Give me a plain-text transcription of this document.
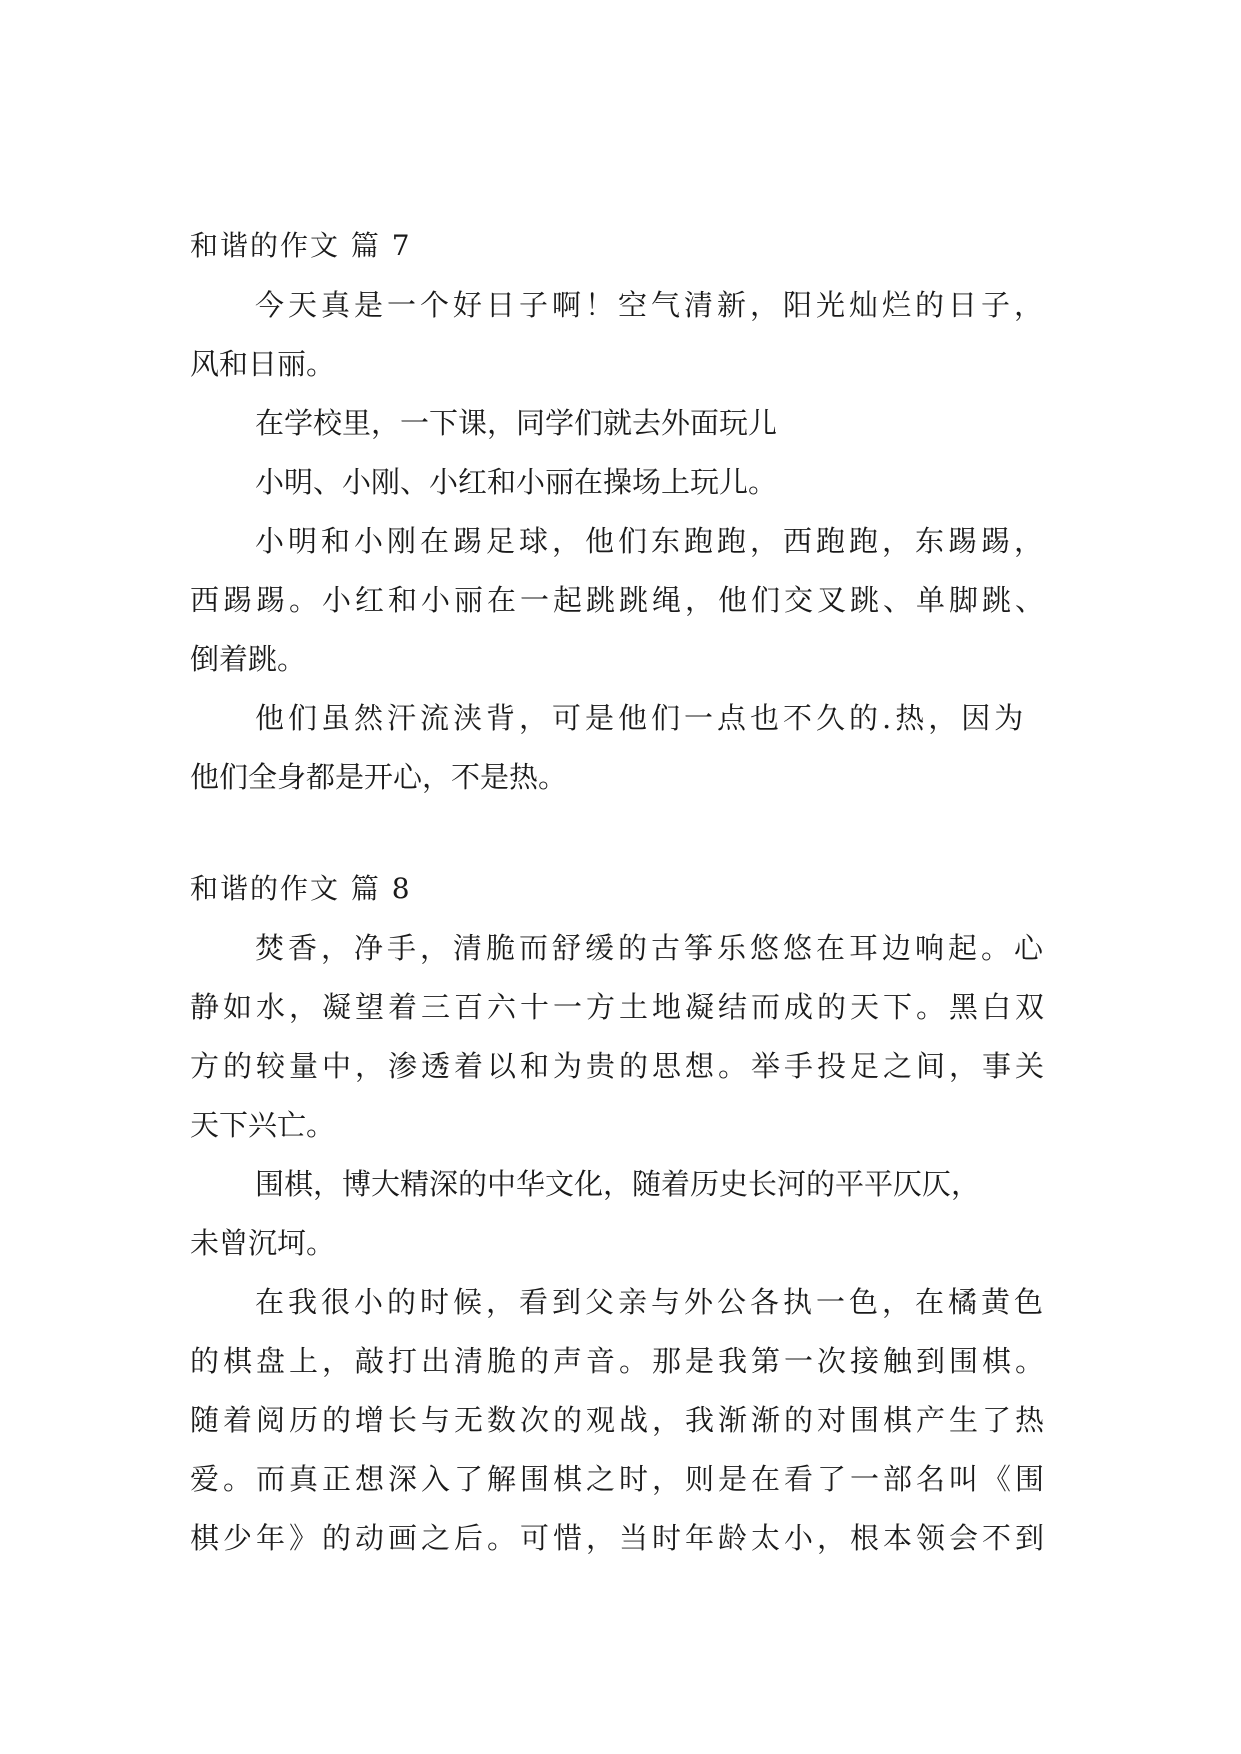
和谐的作文 篇 7
今天真是一个好日子啊！空气清新，阳光灿烂的日子，
风和日丽。
在学校里，一下课，同学们就去外面玩儿
小明、小刚、小红和小丽在操场上玩儿。
小明和小刚在踢足球，他们东跑跑，西跑跑，东踢踢，
西踢踢。小红和小丽在一起跳跳绳，他们交叉跳、单脚跳、
倒着跳。
他们虽然汗流浃背，可是他们一点也不久的.热，因为
他们全身都是开心，不是热。
和谐的作文 篇 8
焚香，净手，清脆而舒缓的古筝乐悠悠在耳边响起。心
静如水，凝望着三百六十一方土地凝结而成的天下。黑白双
方的较量中，渗透着以和为贵的思想。举手投足之间，事关
天下兴亡。
围棋，博大精深的中华文化，随着历史长河的平平仄仄，
未曾沉坷。
在我很小的时候，看到父亲与外公各执一色，在橘黄色
的棋盘上，敲打出清脆的声音。那是我第一次接触到围棋。
随着阅历的增长与无数次的观战，我渐渐的对围棋产生了热
爱。而真正想深入了解围棋之时，则是在看了一部名叫《围
棋少年》的动画之后。可惜，当时年龄太小，根本领会不到
